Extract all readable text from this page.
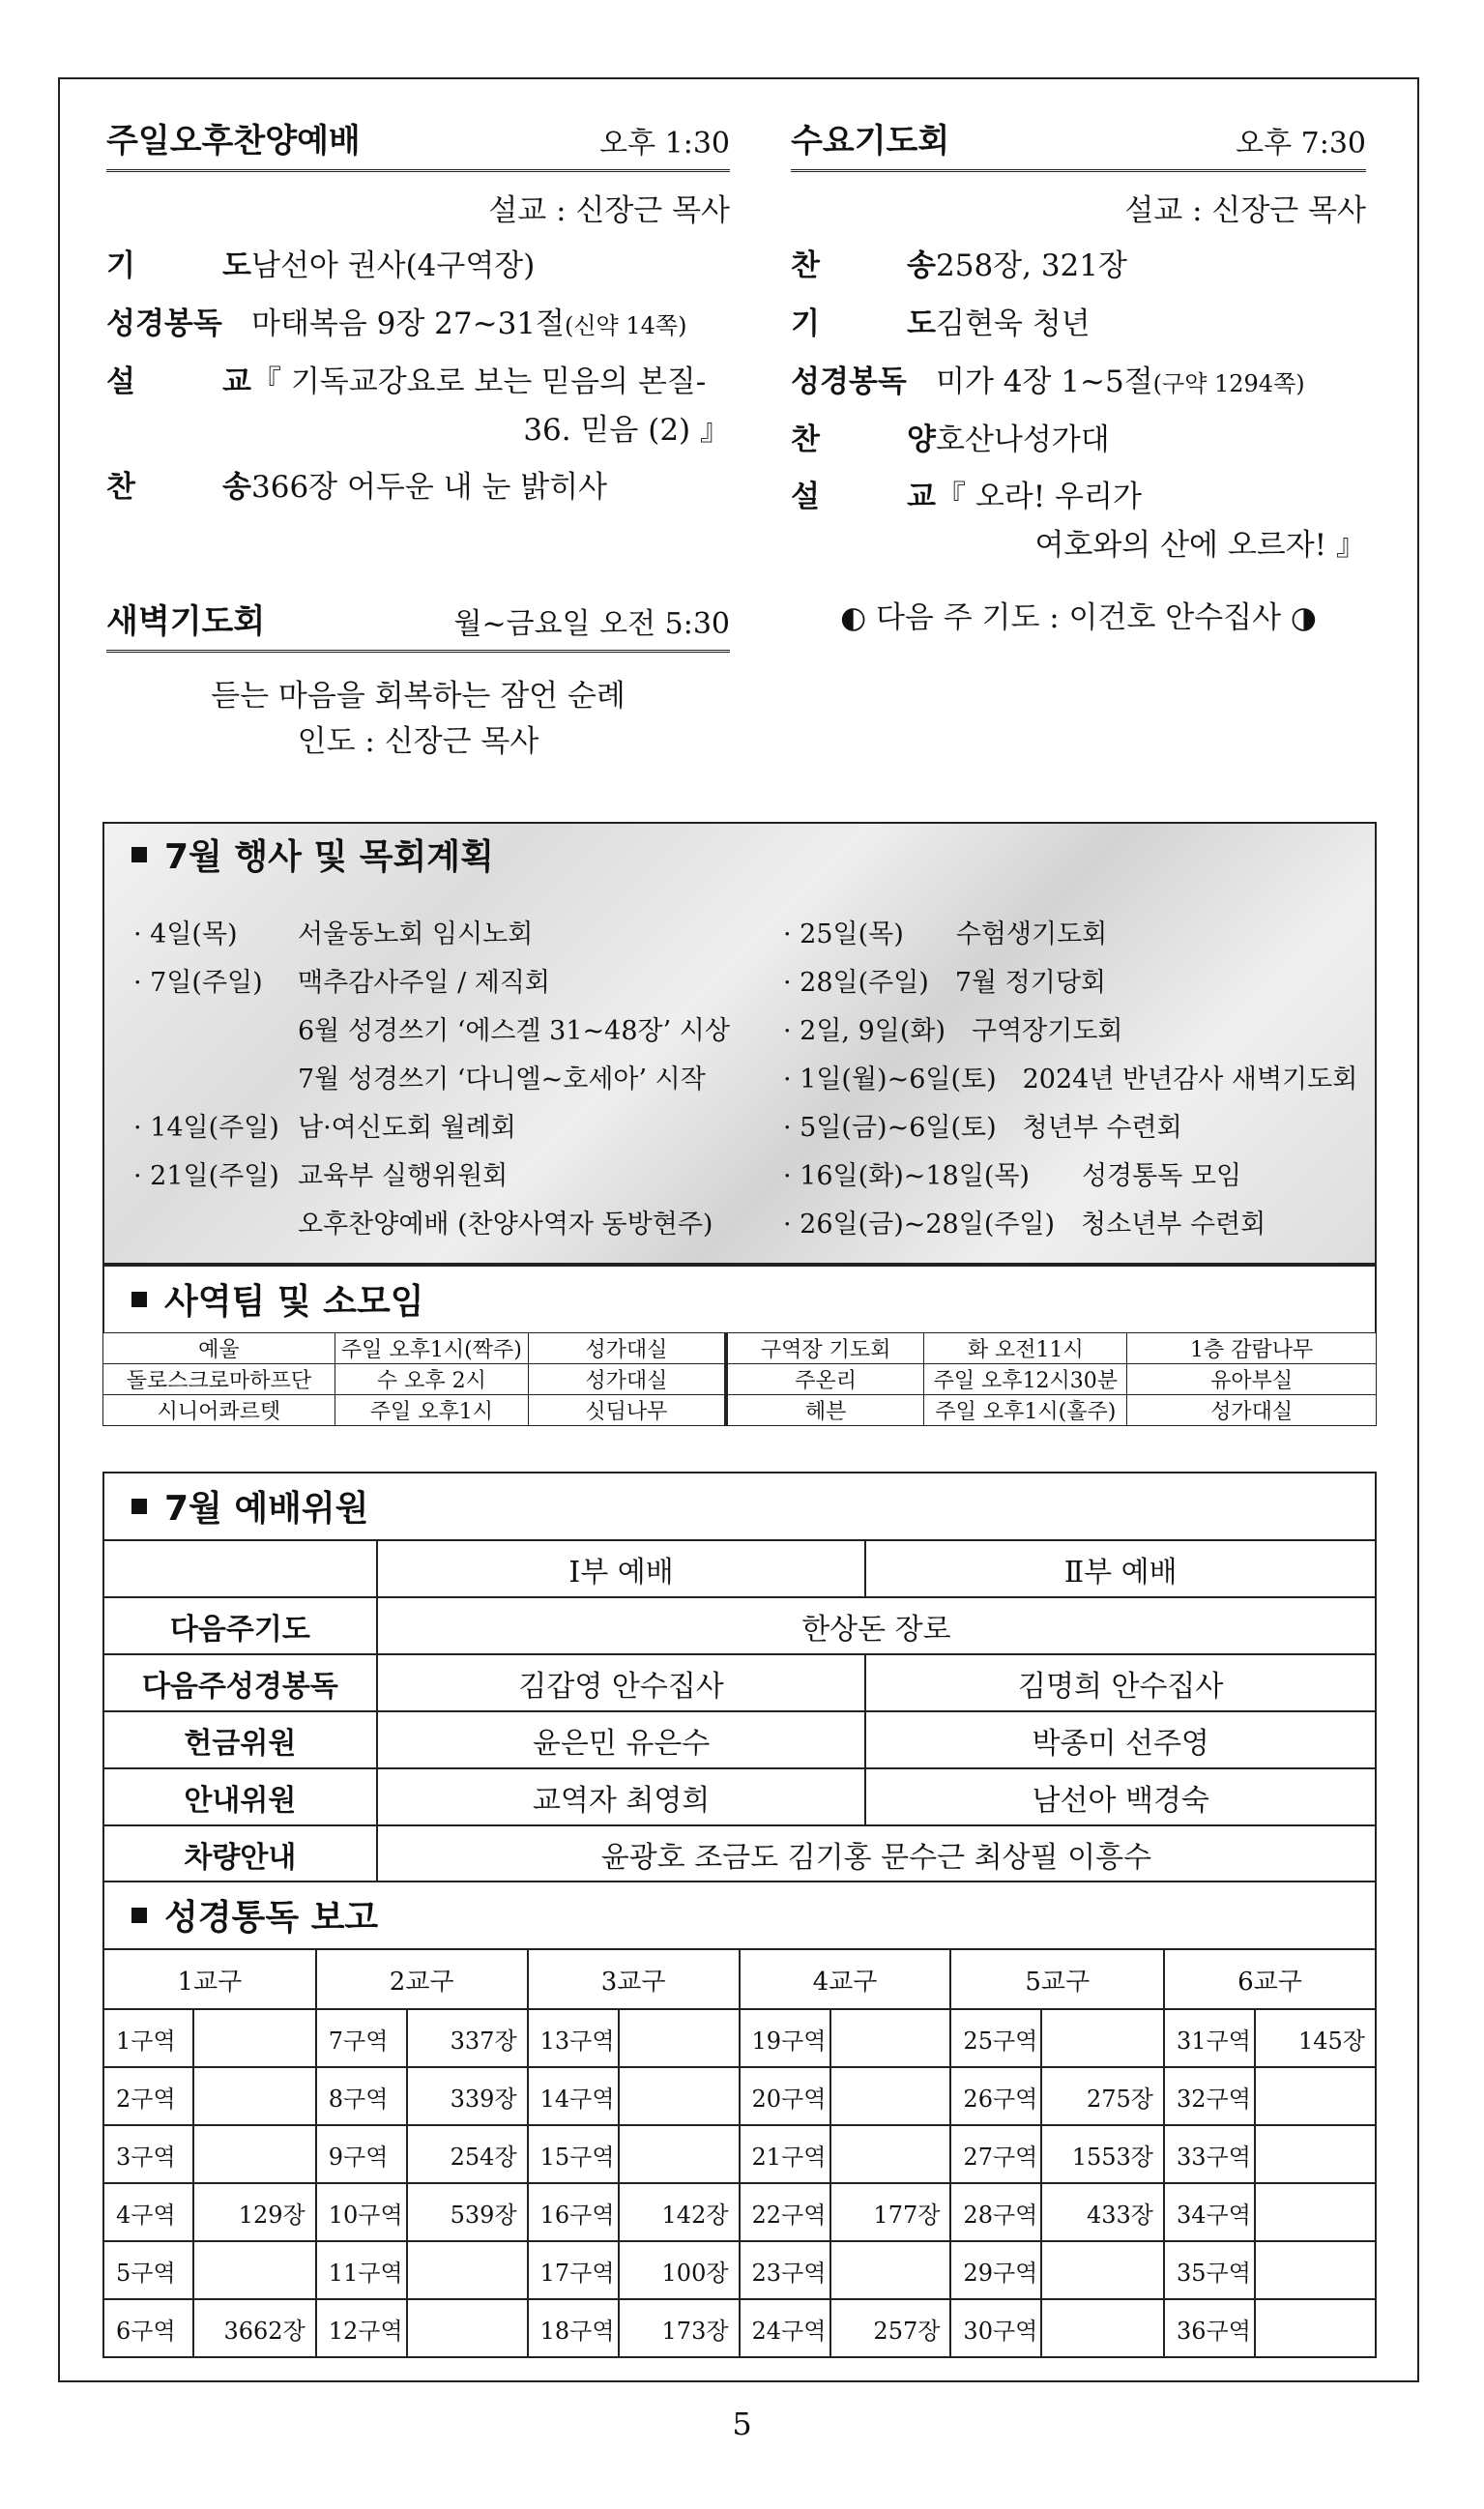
주일오후찬양예배	오후 1:30
설교 : 신장근 목사
기	도 남선아 권사(4구역장)
성경봉독 마태복음 9장 27~31절(신약 14쪽)
설	교 『 기독교강요로 보는 믿음의 본질-
36. 믿음 (2) 』
찬	송 366장 어두운 내 눈 밝히사
새벽기도회	월~금요일 오전 5:30
듣는 마음을 회복하는 잠언 순례
인도 : 신장근 목사
수요기도회	오후 7:30
설교 : 신장근 목사
찬	송 258장, 321장
기	도 김현욱 청년
성경봉독 미가 4장 1~5절(구약 1294쪽)
찬	양 호산나성가대
설	교 『 오라! 우리가
여호와의 산에 오르자! 』
◐ 다음 주 기도 : 이건호 안수집사 ◑
7월 행사 및 목회계획
· 4일(목)	서울동노회 임시노회
· 7일(주일)	맥추감사주일 / 제직회
6월 성경쓰기 ‘에스겔 31~48장’ 시상
7월 성경쓰기 ‘다니엘~호세아’ 시작
· 14일(주일) 남·여신도회 월례회
· 21일(주일) 교육부 실행위원회
오후찬양예배 (찬양사역자 동방현주)
· 25일(목)　　수험생기도회
· 28일(주일)　7월 정기당회
· 2일, 9일(화)　구역장기도회
· 1일(월)~6일(토)　2024년 반년감사 새벽기도회
· 5일(금)~6일(토)　청년부 수련회
· 16일(화)~18일(목)　　성경통독 모임
· 26일(금)~28일(주일)　청소년부 수련회
사역팀 및 소모임
예울	주일 오후1시(짝주)	성가대실	구역장 기도회	화 오전11시	1층 감람나무
돌로스크로마하프단	수 오후 2시	성가대실	주온리	주일 오후12시30분	유아부실
시니어콰르텟	주일 오후1시	싯딤나무	헤븐	주일 오후1시(홀주)	성가대실
7월 예배위원
	Ⅰ부 예배	Ⅱ부 예배
다음주기도	한상돈 장로	
다음주성경봉독	김갑영 안수집사	김명희 안수집사
헌금위원	윤은민 유은수	박종미 선주영
안내위원	교역자 최영희	남선아 백경숙
차량안내	윤광호 조금도 김기홍 문수근 최상필 이흥수	
성경통독 보고
1교구		2교구		3교구		4교구		5교구		6교구	
1구역		7구역	337장	13구역		19구역		25구역		31구역	145장
2구역		8구역	339장	14구역		20구역		26구역	275장	32구역	
3구역		9구역	254장	15구역		21구역		27구역	1553장	33구역	
4구역	129장	10구역	539장	16구역	142장	22구역	177장	28구역	433장	34구역	
5구역		11구역		17구역	100장	23구역		29구역		35구역	
6구역	3662장	12구역		18구역	173장	24구역	257장	30구역		36구역	
5
